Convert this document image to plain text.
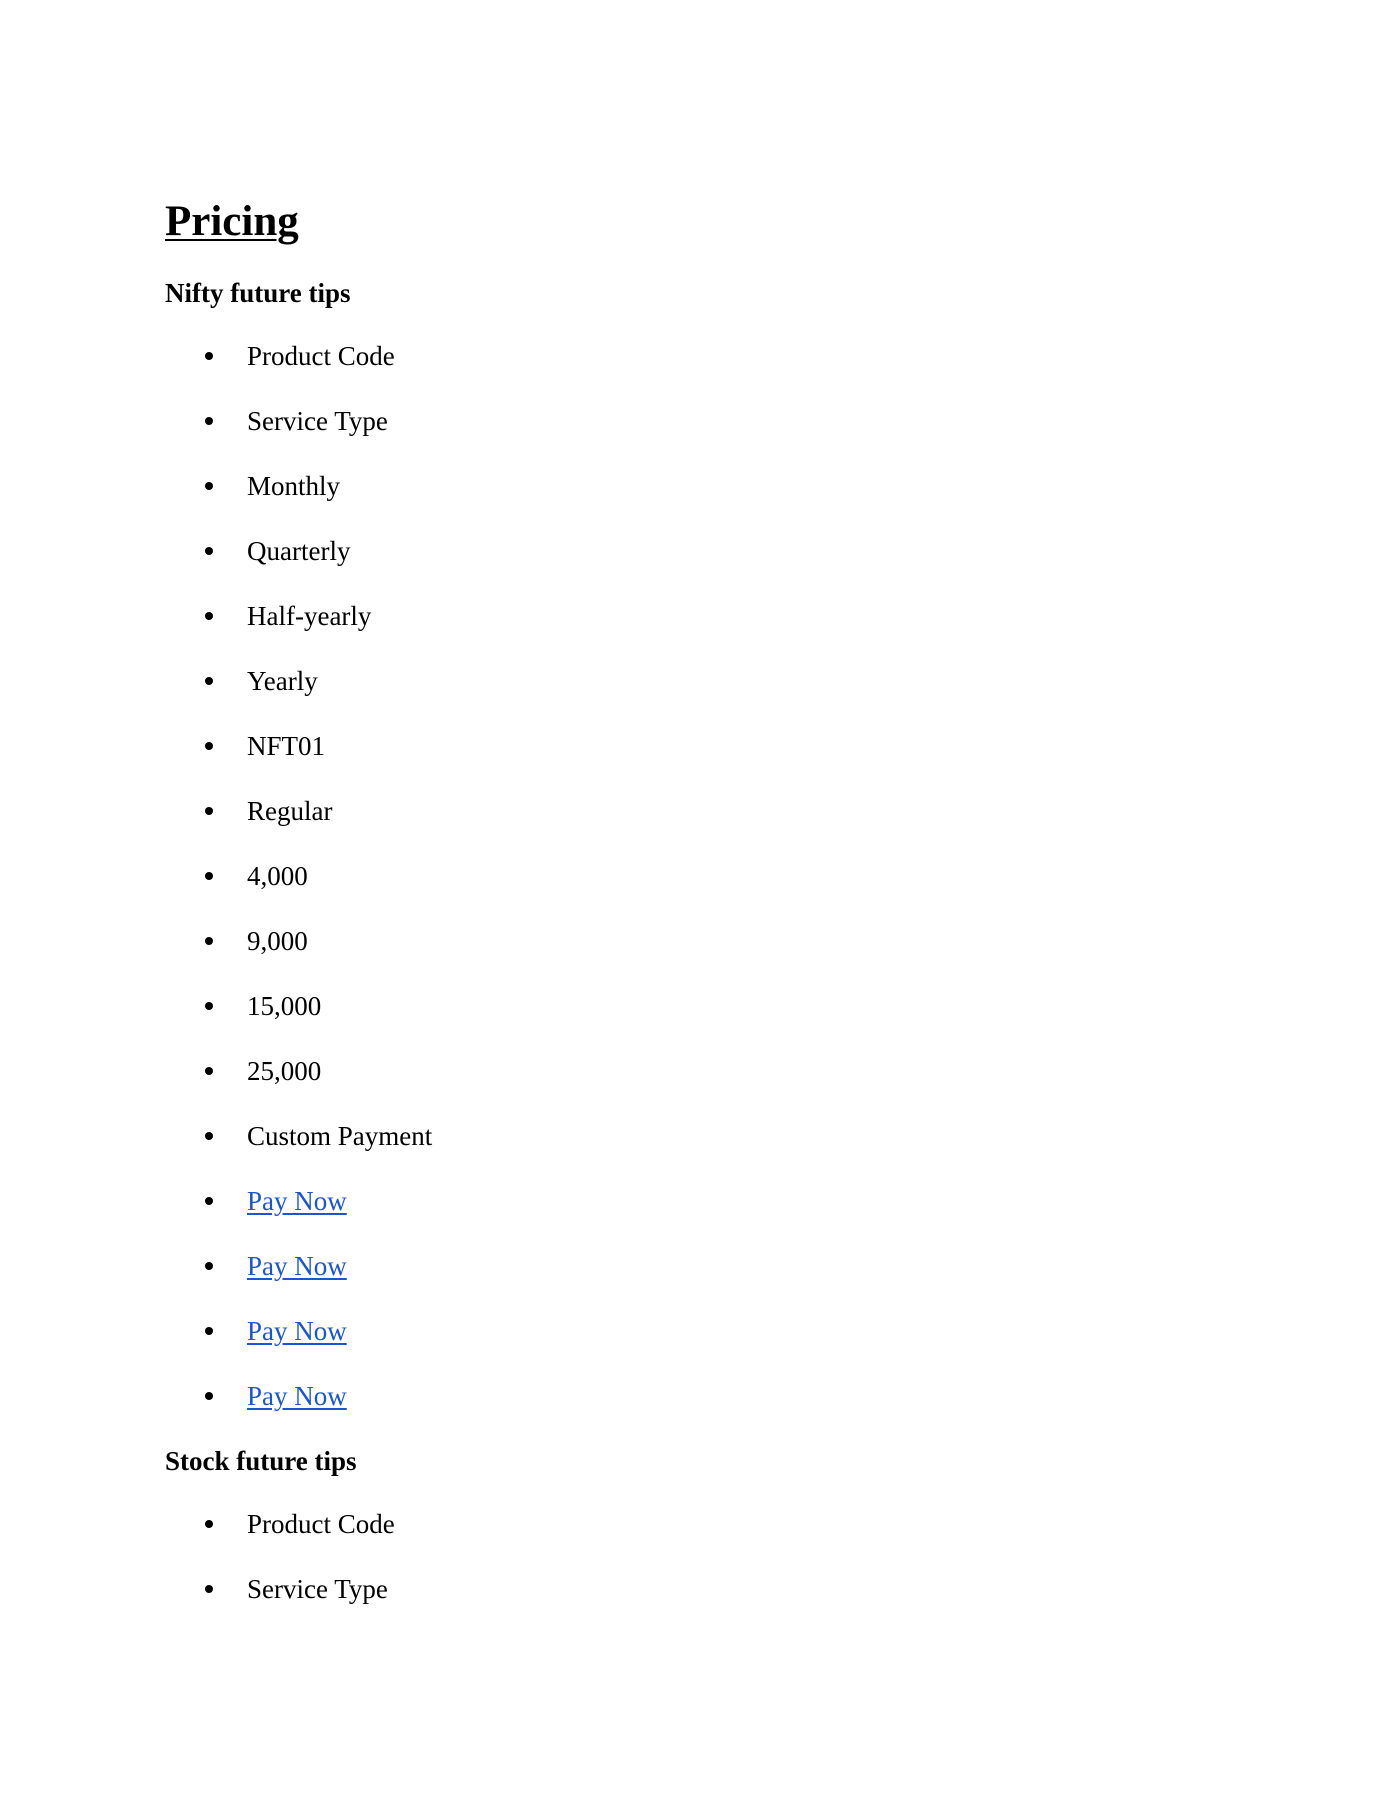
Pricing
Nifty future tips
Product Code
Service Type
Monthly
Quarterly
Half-yearly
Yearly
NFT01
Regular
4,000
9,000
15,000
25,000
Custom Payment
Pay Now
Pay Now
Pay Now
Pay Now
Stock future tips
Product Code
Service Type
